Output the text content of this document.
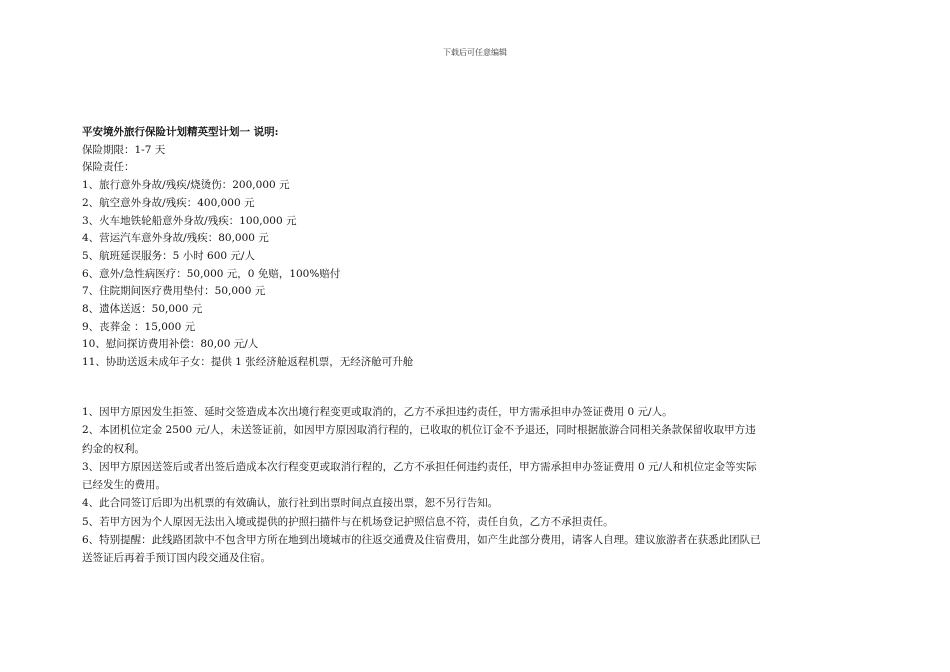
下载后可任意编辑
平安境外旅行保险计划精英型计划一 说明:
保险期限：1-7 天
保险责任：
1、旅行意外身故/残疾/烧烫伤：200,000 元
2、航空意外身故/残疾：400,000 元
3、火车地铁轮船意外身故/残疾：100,000 元
4、营运汽车意外身故/残疾：80,000 元
5、航班延误服务：5 小时 600 元/人
6、意外/急性病医疗：50,000 元，0 免赔，100%赔付
7、住院期间医疗费用垫付：50,000 元
8、遗体送返：50,000 元
9、丧葬金 ：15,000 元
10、慰问探访费用补偿：80,00 元/人
11、协助送返未成年子女：提供 1 张经济舱返程机票，无经济舱可升舱

1、因甲方原因发生拒签、延时交签造成本次出境行程变更或取消的，乙方不承担违约责任，甲方需承担申办签证费用 0 元/人。

2、本团机位定金 2500 元/人，未送签证前，如因甲方原因取消行程的，已收取的机位订金不予退还，同时根据旅游合同相关条款保留收取甲方违约金的权利。

3、因甲方原因送签后或者出签后造成本次行程变更或取消行程的，乙方不承担任何违约责任，甲方需承担申办签证费用 0 元/人和机位定金等实际已经发生的费用。

4、此合同签订后即为出机票的有效确认，旅行社到出票时间点直接出票，恕不另行告知。

5、若甲方因为个人原因无法出入境或提供的护照扫描件与在机场登记护照信息不符，责任自负，乙方不承担责任。

6、特别提醒：此线路团款中不包含甲方所在地到出境城市的往返交通费及住宿费用，如产生此部分费用，请客人自理。建议旅游者在获悉此团队已送签证后再着手预订国内段交通及住宿。
